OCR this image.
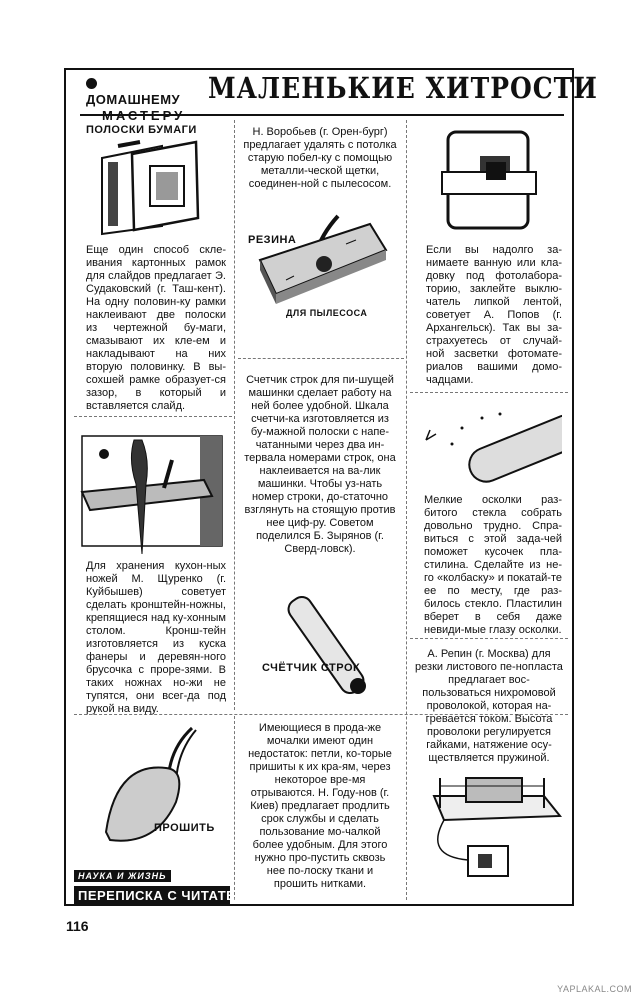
ДОМАШНЕМУ	МАЛЕНЬКИЕ ХИТРОСТИ
ПОЛОСКИ БУМАГИ
Еще один способ скле-ивания картонных рамок для слайдов предлагает Э. Судаковский (г. Таш-кент). На одну половин-ку рамки наклеивают две полоски из чертежной бу-маги, смазывают их кле-ем и накладывают на них вторую половинку. В вы-сохшей рамке образует-ся зазор, в который и вставляется слайд.
Н. Воробьев (г. Орен-бург) предлагает удалять с потолка старую побел-ку с помощью металли-ческой щетки, соединен-ной с пылесосом.
РЕЗИНА
ДЛЯ ПЫЛЕСОСА
Если вы надолго за-нимаете ванную или кла-довку под фотолабора-торию, заклейте выклю-чатель липкой лентой, советует А. Попов (г. Архангельск). Так вы за-страхуетесь от случай-ной засветки фотомате-риалов вашими домо-чадцами.
Для хранения кухон-ных ножей М. Щуренко (г. Куйбышев) советует сделать кронштейн-ножны, крепящиеся над ку-хонным столом. Кронш-тейн изготовляется из куска фанеры и деревян-ного брусочка с проре-зями. В таких ножнах но-жи не тупятся, они всег-да под рукой на виду.
Счетчик строк для пи-шущей машинки сделает работу на ней более удобной. Шкала счетчи-ка изготовляется из бу-мажной полоски с напе-чатанными через два ин-тервала номерами строк, она наклеивается на ва-лик машинки. Чтобы уз-нать номер строки, до-статочно взглянуть на стоящую против нее циф-ру. Советом поделился Б. Зырянов (г. Сверд-ловск).
СЧЁТЧИК СТРОК
Мелкие осколки раз-битого стекла собрать довольно трудно. Спра-виться с этой зада-чей поможет кусочек пла-стилина. Сделайте из не-го «колбаску» и покатай-те ее по месту, где раз-билось стекло. Пластилин вберет в себя даже невиди-мые глазу осколки.
ПРОШИТЬ
Имеющиеся в прода-же мочалки имеют один недостаток: петли, ко-торые пришиты к их кра-ям, через некоторое вре-мя отрываются. Н. Году-нов (г. Киев) предлагает продлить срок службы и сделать пользование мо-чалкой более удобным. Для этого нужно про-пустить сквозь нее по-лоску ткани и прошить нитками.
А. Репин (г. Москва) для резки листового пе-нопласта предлагает вос-пользоваться нихромовой проволокой, которая на-гревается током. Высота проволоки регулируется гайками, натяжение осу-ществляется пружиной.
НАУКА И ЖИЗНЬ
ПЕРЕПИСКА С ЧИТАТЕЛЯМИ
116
YAPLAKAL.COM
